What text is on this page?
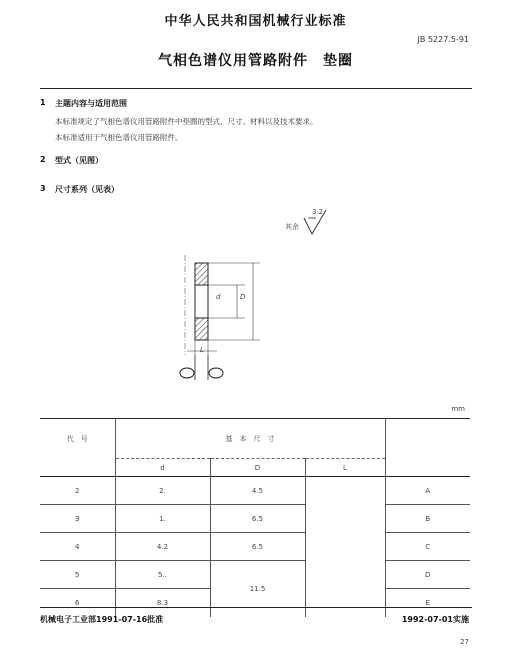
中华人民共和国机械行业标准
JB 5227.5-91
气相色谱仪用管路附件　垫圈
1 主题内容与适用范围
本标准规定了气相色谱仪用管路附件中垫圈的型式、尺寸、材料以及技术要求。
本标准适用于气相色谱仪用管路附件。
2 型式（见图）
3 尺寸系列（见表）
其余
3.2
d	D
L
mm
代　号	基　本　尺　寸			
	d	D	L	
2	2.	4.5		A
3	1.	6.5		B
4	4.2	6.5		C
5	5..	11.5		D
6	8.3			E
机械电子工业部1991-07-16批准	1992-07-01实施
27
